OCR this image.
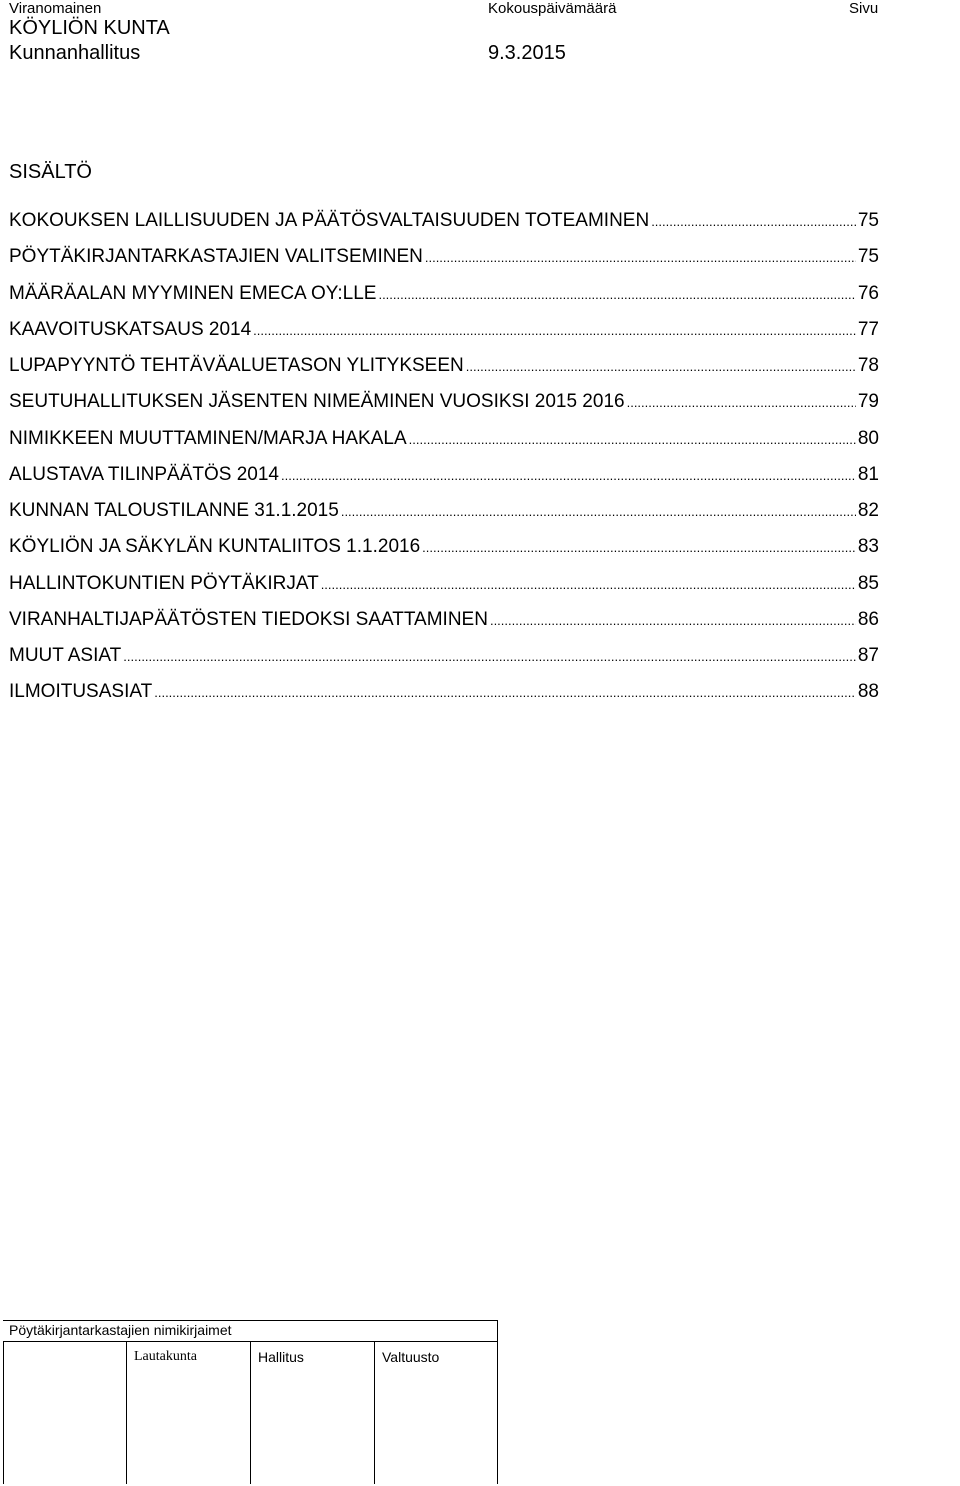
Viranomainen	Kokouspäivämäärä	Sivu
KÖYLIÖN KUNTA
Kunnanhallitus	9.3.2015
SISÄLTÖ
KOKOUKSEN LAILLISUUDEN JA PÄÄTÖSVALTAISUUDEN TOTEAMINEN .....	75
PÖYTÄKIRJANTARKASTAJIEN VALITSEMINEN .....	75
MÄÄRÄALAN MYYMINEN EMECA OY:LLE .....	76
KAAVOITUSKATSAUS 2014 .....	77
LUPAPYYNTÖ TEHTÄVÄALUETASON YLITYKSEEN .....	78
SEUTUHALLITUKSEN JÄSENTEN NIMEÄMINEN VUOSIKSI 2015 2016 .....	79
NIMIKKEEN MUUTTAMINEN/MARJA HAKALA .....	80
ALUSTAVA TILINPÄÄTÖS 2014 .....	81
KUNNAN TALOUSTILANNE 31.1.2015 .....	82
KÖYLIÖN JA SÄKYLÄN KUNTALIITOS 1.1.2016 .....	83
HALLINTOKUNTIEN PÖYTÄKIRJAT .....	85
VIRANHALTIJAPÄÄTÖSTEN TIEDOKSI SAATTAMINEN .....	86
MUUT ASIAT .....	87
ILMOITUSASIAT .....	88
Pöytäkirjantarkastajien nimikirjaimet
Lautakunta	Hallitus	Valtuusto
